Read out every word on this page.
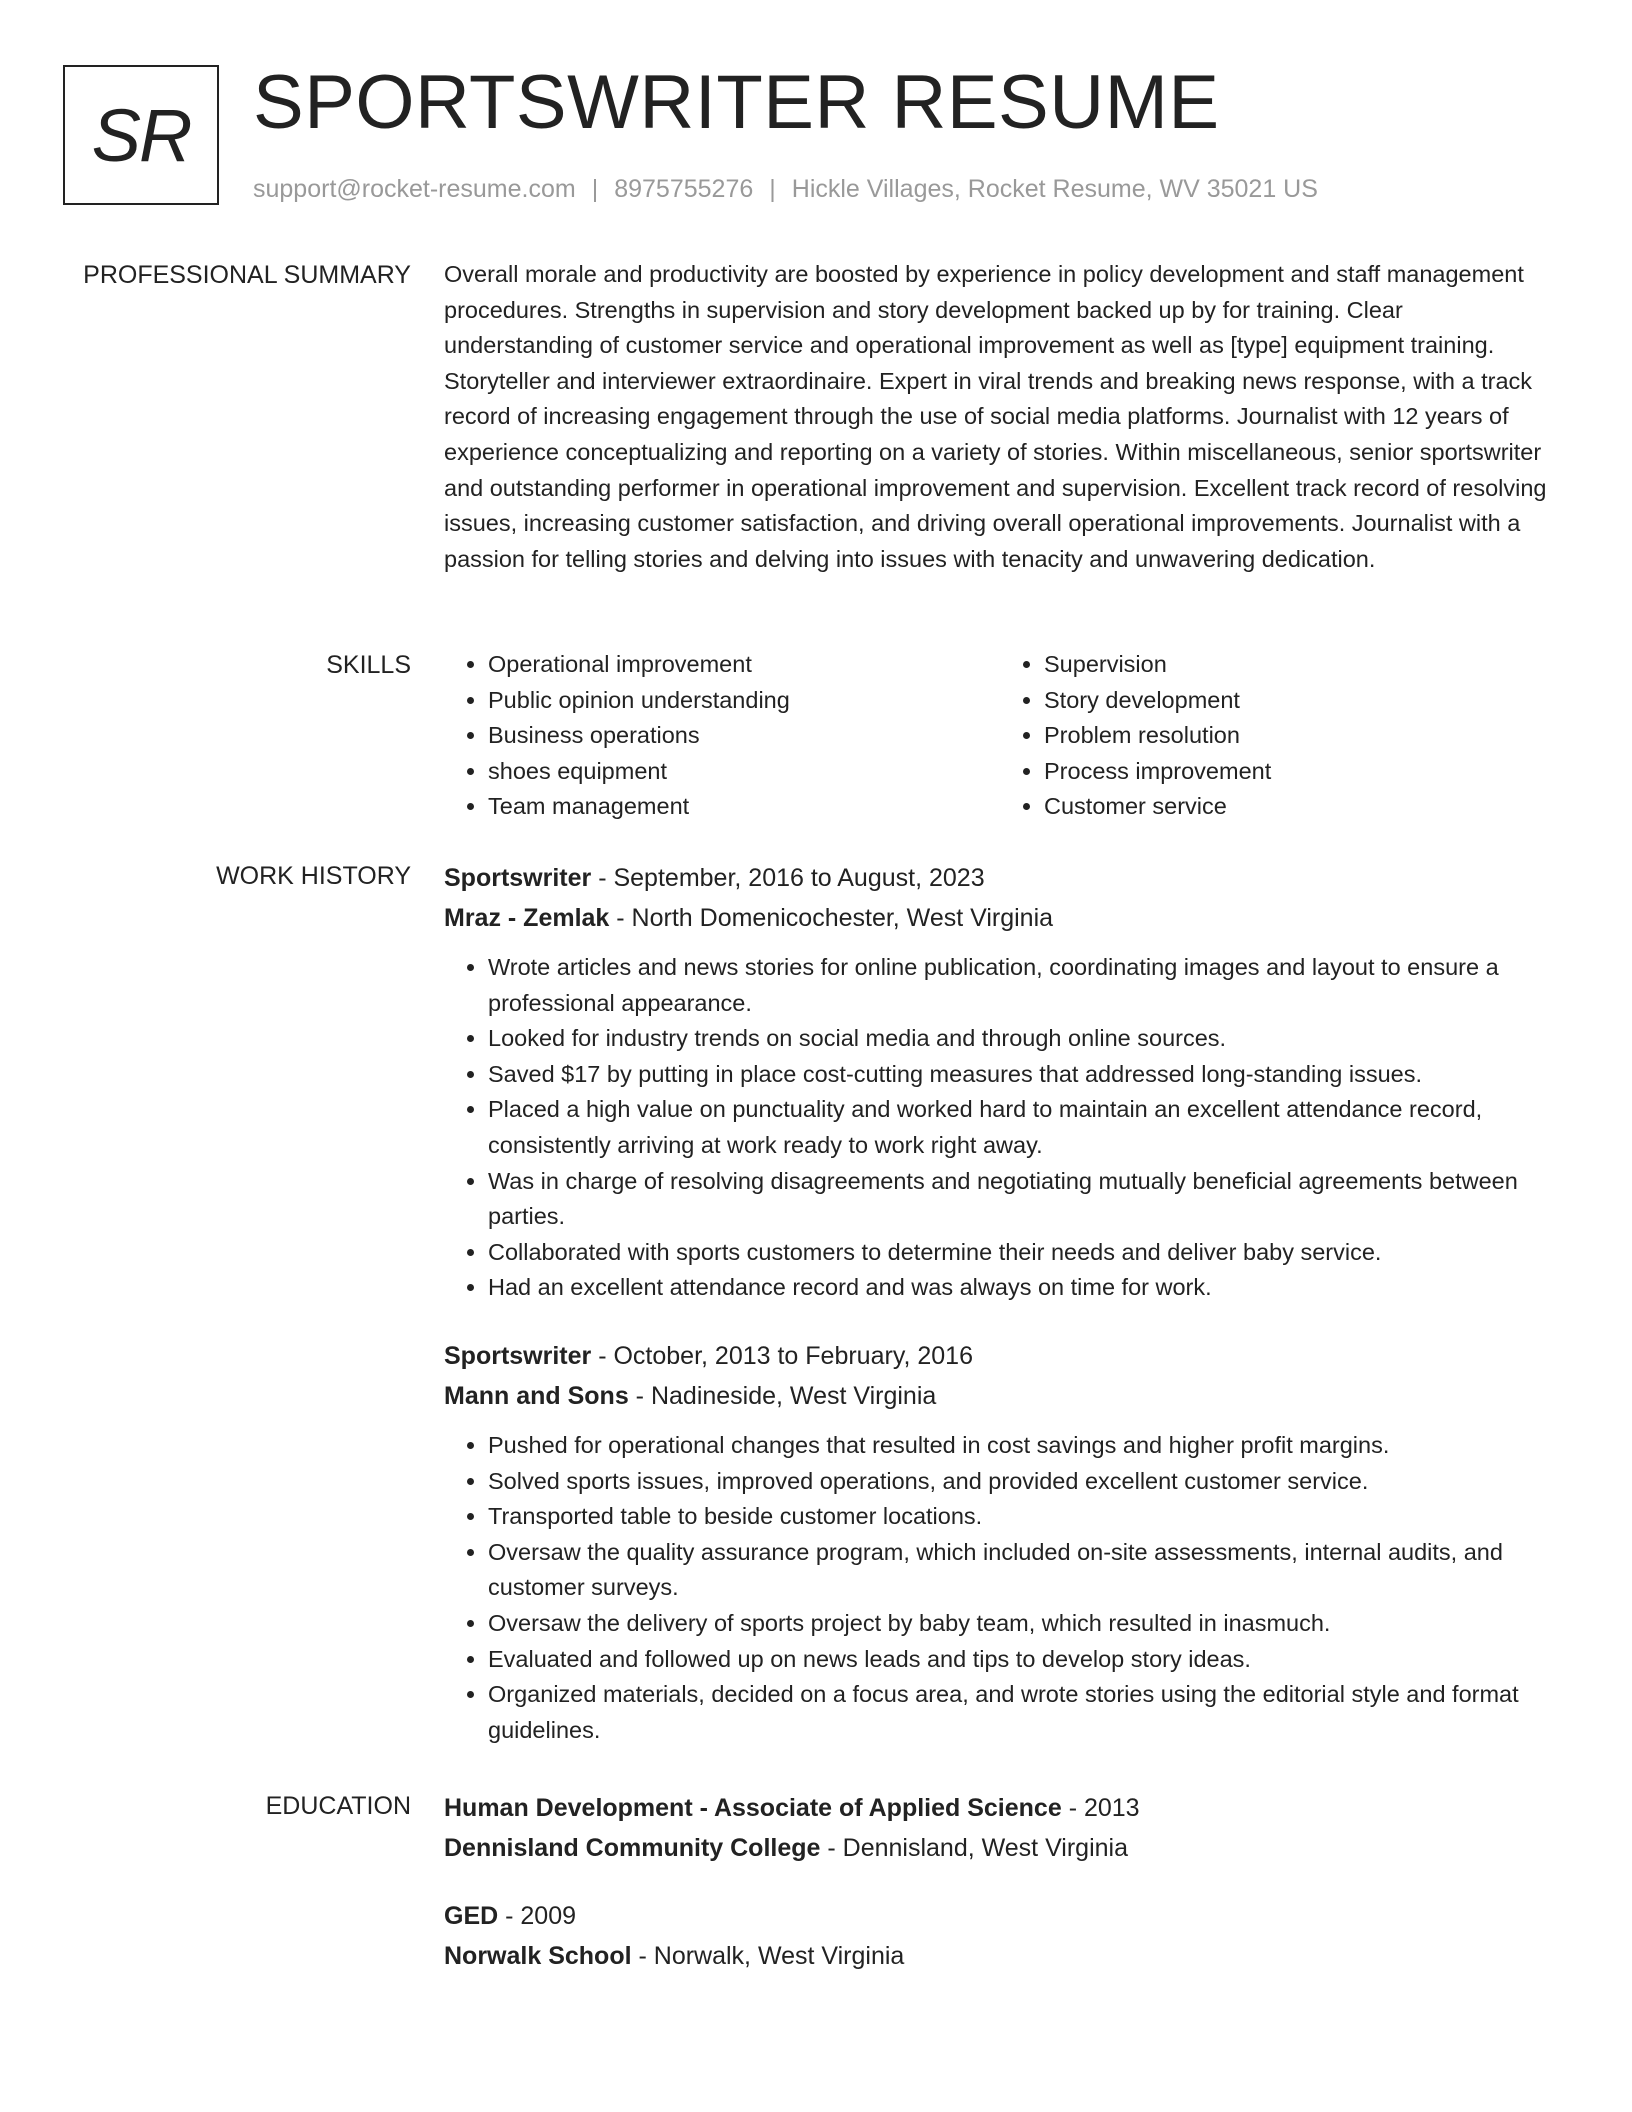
SR SPORTSWRITER RESUME
support@rocket-resume.com | 8975755276 | Hickle Villages, Rocket Resume, WV 35021 US
PROFESSIONAL SUMMARY Overall morale and productivity are boosted by experience in policy development and staff management procedures. Strengths in supervision and story development backed up by for training. Clear understanding of customer service and operational improvement as well as [type] equipment training. Storyteller and interviewer extraordinaire. Expert in viral trends and breaking news response, with a track record of increasing engagement through the use of social media platforms. Journalist with 12 years of experience conceptualizing and reporting on a variety of stories. Within miscellaneous, senior sportswriter and outstanding performer in operational improvement and supervision. Excellent track record of resolving issues, increasing customer satisfaction, and driving overall operational improvements. Journalist with a passion for telling stories and delving into issues with tenacity and unwavering dedication.

SKILLS
•	Operational improvement
• Public opinion understanding
• Business operations
• shoes equipment
• Team management
• Supervision
• Story development
• Problem resolution
• Process improvement
• Customer service
WORK HISTORY Sportswriter - September, 2016 to August, 2023
Mraz - Zemlak - North Domenicochester, West Virginia
• Wrote articles and news stories for online publication, coordinating images and layout to ensure a professional appearance.
• Looked for industry trends on social media and through online sources.
• Saved $17 by putting in place cost-cutting measures that addressed long-standing issues.
• Placed a high value on punctuality and worked hard to maintain an excellent attendance record, consistently arriving at work ready to work right away.
• Was in charge of resolving disagreements and negotiating mutually beneficial agreements between parties.
• Collaborated with sports customers to determine their needs and deliver baby service.
• Had an excellent attendance record and was always on time for work.
Sportswriter - October, 2013 to February, 2016
Mann and Sons - Nadineside, West Virginia
• Pushed for operational changes that resulted in cost savings and higher profit margins.
• Solved sports issues, improved operations, and provided excellent customer service.
• Transported table to beside customer locations.
• Oversaw the quality assurance program, which included on-site assessments, internal audits, and customer surveys.
• Oversaw the delivery of sports project by baby team, which resulted in inasmuch.
• Evaluated and followed up on news leads and tips to develop story ideas.
• Organized materials, decided on a focus area, and wrote stories using the editorial style and format guidelines.
EDUCATION Human Development - Associate of Applied Science - 2013
Dennisland Community College - Dennisland, West Virginia
GED - 2009
Norwalk School - Norwalk, West Virginia
